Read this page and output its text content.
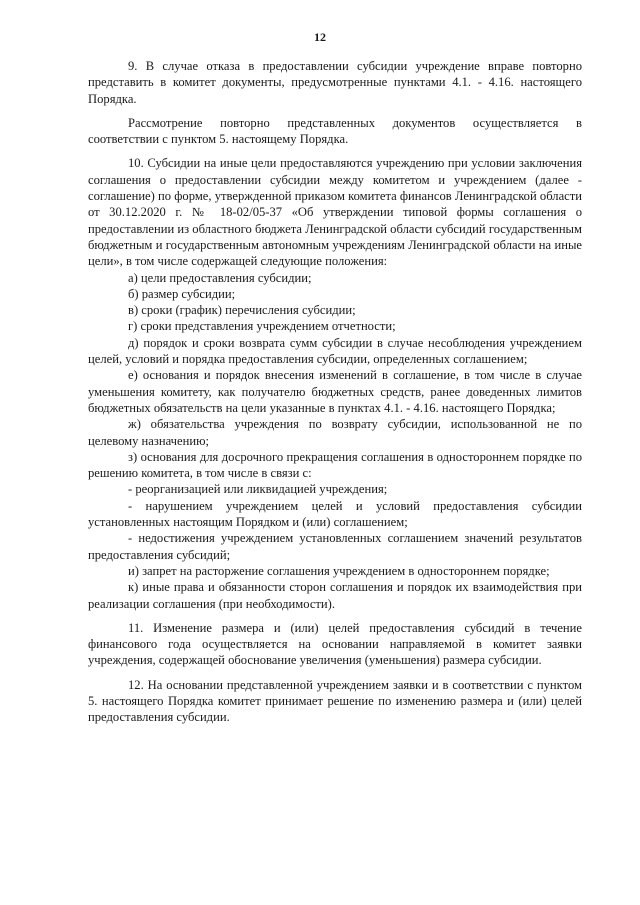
12

9. В случае отказа в предоставлении субсидии учреждение вправе повторно представить в комитет документы, предусмотренные пунктами 4.1. - 4.16. настоящего Порядка.

Рассмотрение повторно представленных документов осуществляется в соответствии с пунктом 5. настоящему Порядка.

10. Субсидии на иные цели предоставляются учреждению при условии заключения соглашения о предоставлении субсидии между комитетом и учреждением (далее - соглашение) по форме, утвержденной приказом комитета финансов Ленинградской области от 30.12.2020 г. № 18-02/05-37 «Об утверждении типовой формы соглашения о предоставлении из областного бюджета Ленинградской области субсидий государственным бюджетным и государственным автономным учреждениям Ленинградской области на иные цели», в том числе содержащей следующие положения:

а) цели предоставления субсидии;

б) размер субсидии;

в) сроки (график) перечисления субсидии;

г) сроки представления учреждением отчетности;

д) порядок и сроки возврата сумм субсидии в случае несоблюдения учреждением целей, условий и порядка предоставления субсидии, определенных соглашением;

е) основания и порядок внесения изменений в соглашение, в том числе в случае уменьшения комитету, как получателю бюджетных средств, ранее доведенных лимитов бюджетных обязательств на цели указанные в пунктах 4.1. - 4.16. настоящего Порядка;

ж) обязательства учреждения по возврату субсидии, использованной не по целевому назначению;

з) основания для досрочного прекращения соглашения в одностороннем порядке по решению комитета, в том числе в связи с:

- реорганизацией или ликвидацией учреждения;

- нарушением учреждением целей и условий предоставления субсидии установленных настоящим Порядком и (или) соглашением;

- недостижения учреждением установленных соглашением значений результатов предоставления субсидий;

и) запрет на расторжение соглашения учреждением в одностороннем порядке;

к) иные права и обязанности сторон соглашения и порядок их взаимодействия при реализации соглашения (при необходимости).

11. Изменение размера и (или) целей предоставления субсидий в течение финансового года осуществляется на основании направляемой в комитет заявки учреждения, содержащей обоснование увеличения (уменьшения) размера субсидии.

12. На основании представленной учреждением заявки и в соответствии с пунктом 5. настоящего Порядка комитет принимает решение по изменению размера и (или) целей предоставления субсидии.
